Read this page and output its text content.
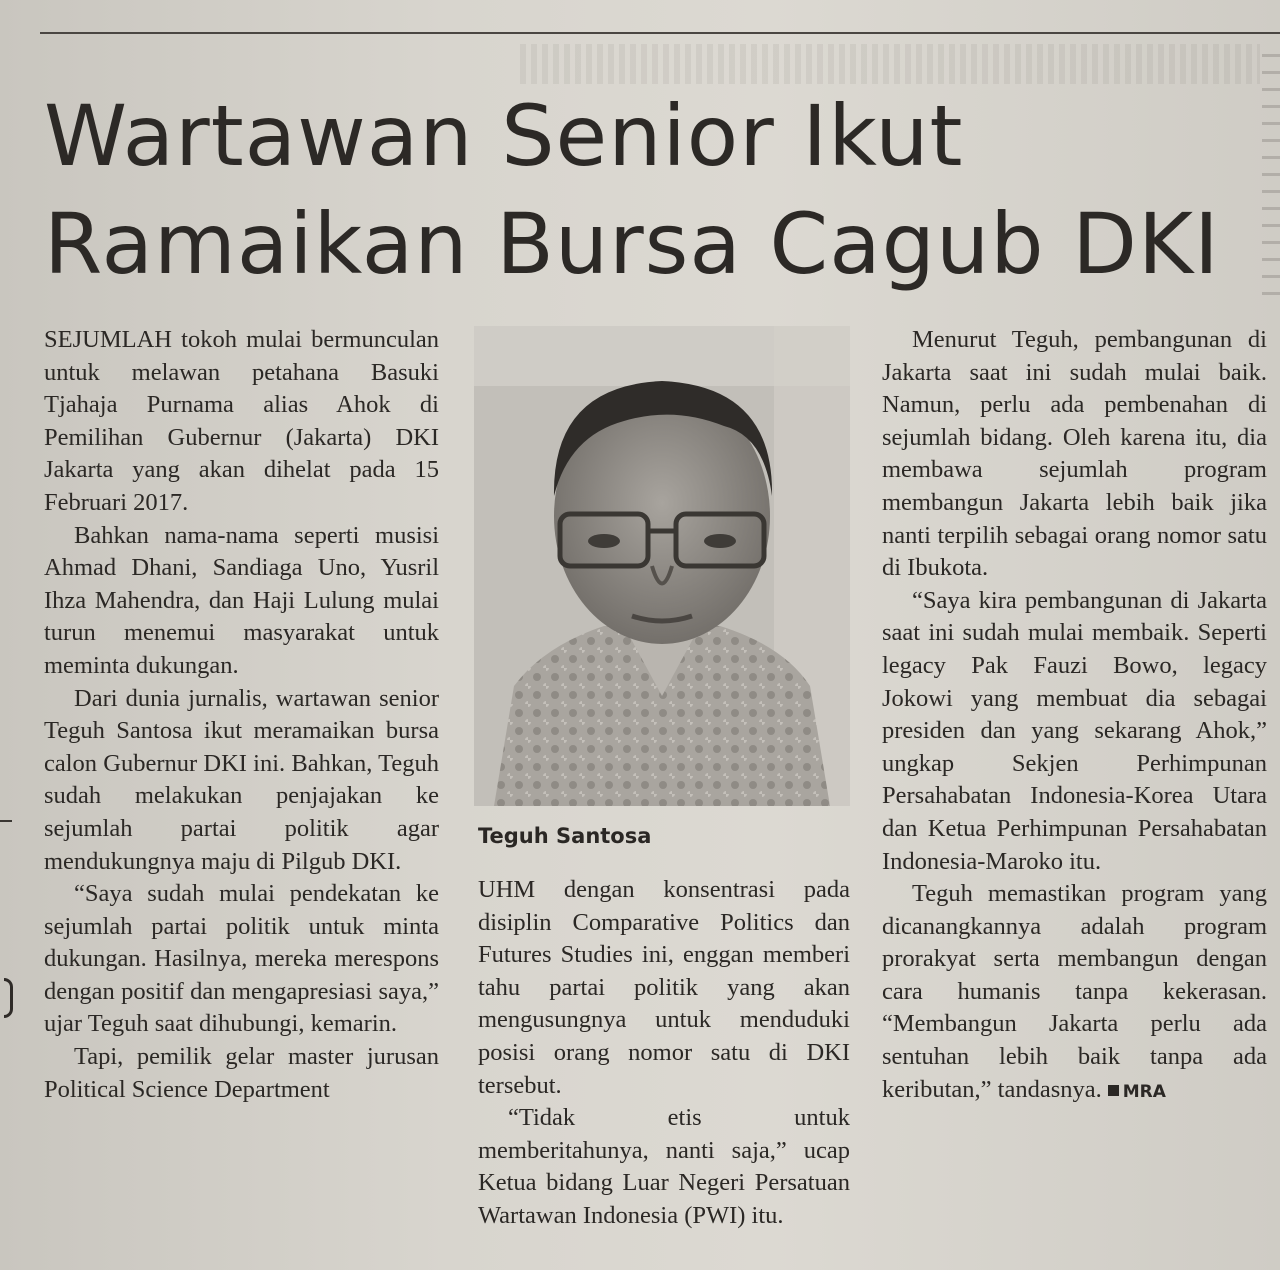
Wartawan Senior Ikut
Ramaikan Bursa Cagub DKI

SEJUMLAH tokoh mulai bermunculan untuk melawan petahana Basuki Tjahaja Purnama alias Ahok di Pemilihan Gubernur (Jakarta) DKI Jakarta yang akan dihelat pada 15 Februari 2017.

Bahkan nama-nama seperti musisi Ahmad Dhani, Sandiaga Uno, Yusril Ihza Mahendra, dan Haji Lulung mulai turun menemui masyarakat untuk meminta dukungan.

Dari dunia jurnalis, wartawan senior Teguh Santosa ikut meramaikan bursa calon Gubernur DKI ini. Bahkan, Teguh sudah melakukan penjajakan ke sejumlah partai politik agar mendukungnya maju di Pilgub DKI.

“Saya sudah mulai pendekatan ke sejumlah partai politik untuk minta dukungan. Hasilnya, mereka merespons dengan positif dan mengapresiasi saya,” ujar Teguh saat dihubungi, kemarin.

Tapi, pemilik gelar master jurusan Political Science Department

Teguh Santosa

UHM dengan konsentrasi pada disiplin Comparative Politics dan Futures Studies ini, enggan memberi tahu partai politik yang akan mengusungnya untuk menduduki posisi orang nomor satu di DKI tersebut.

“Tidak etis untuk memberitahunya, nanti saja,” ucap Ketua bidang Luar Negeri Persatuan Wartawan Indonesia (PWI) itu.

Menurut Teguh, pembangunan di Jakarta saat ini sudah mulai baik. Namun, perlu ada pembenahan di sejumlah bidang. Oleh karena itu, dia membawa sejumlah program membangun Jakarta lebih baik jika nanti terpilih sebagai orang nomor satu di Ibukota.

“Saya kira pembangunan di Jakarta saat ini sudah mulai membaik. Seperti legacy Pak Fauzi Bowo, legacy Jokowi yang membuat dia sebagai presiden dan yang sekarang Ahok,” ungkap Sekjen Perhimpunan Persahabatan Indonesia-Korea Utara dan Ketua Perhimpunan Persahabatan Indonesia-Maroko itu.

Teguh memastikan program yang dicanangkannya adalah program prorakyat serta membangun dengan cara humanis tanpa kekerasan. “Membangun Jakarta perlu ada sentuhan lebih baik tanpa ada keributan,” tandasnya. MRA
